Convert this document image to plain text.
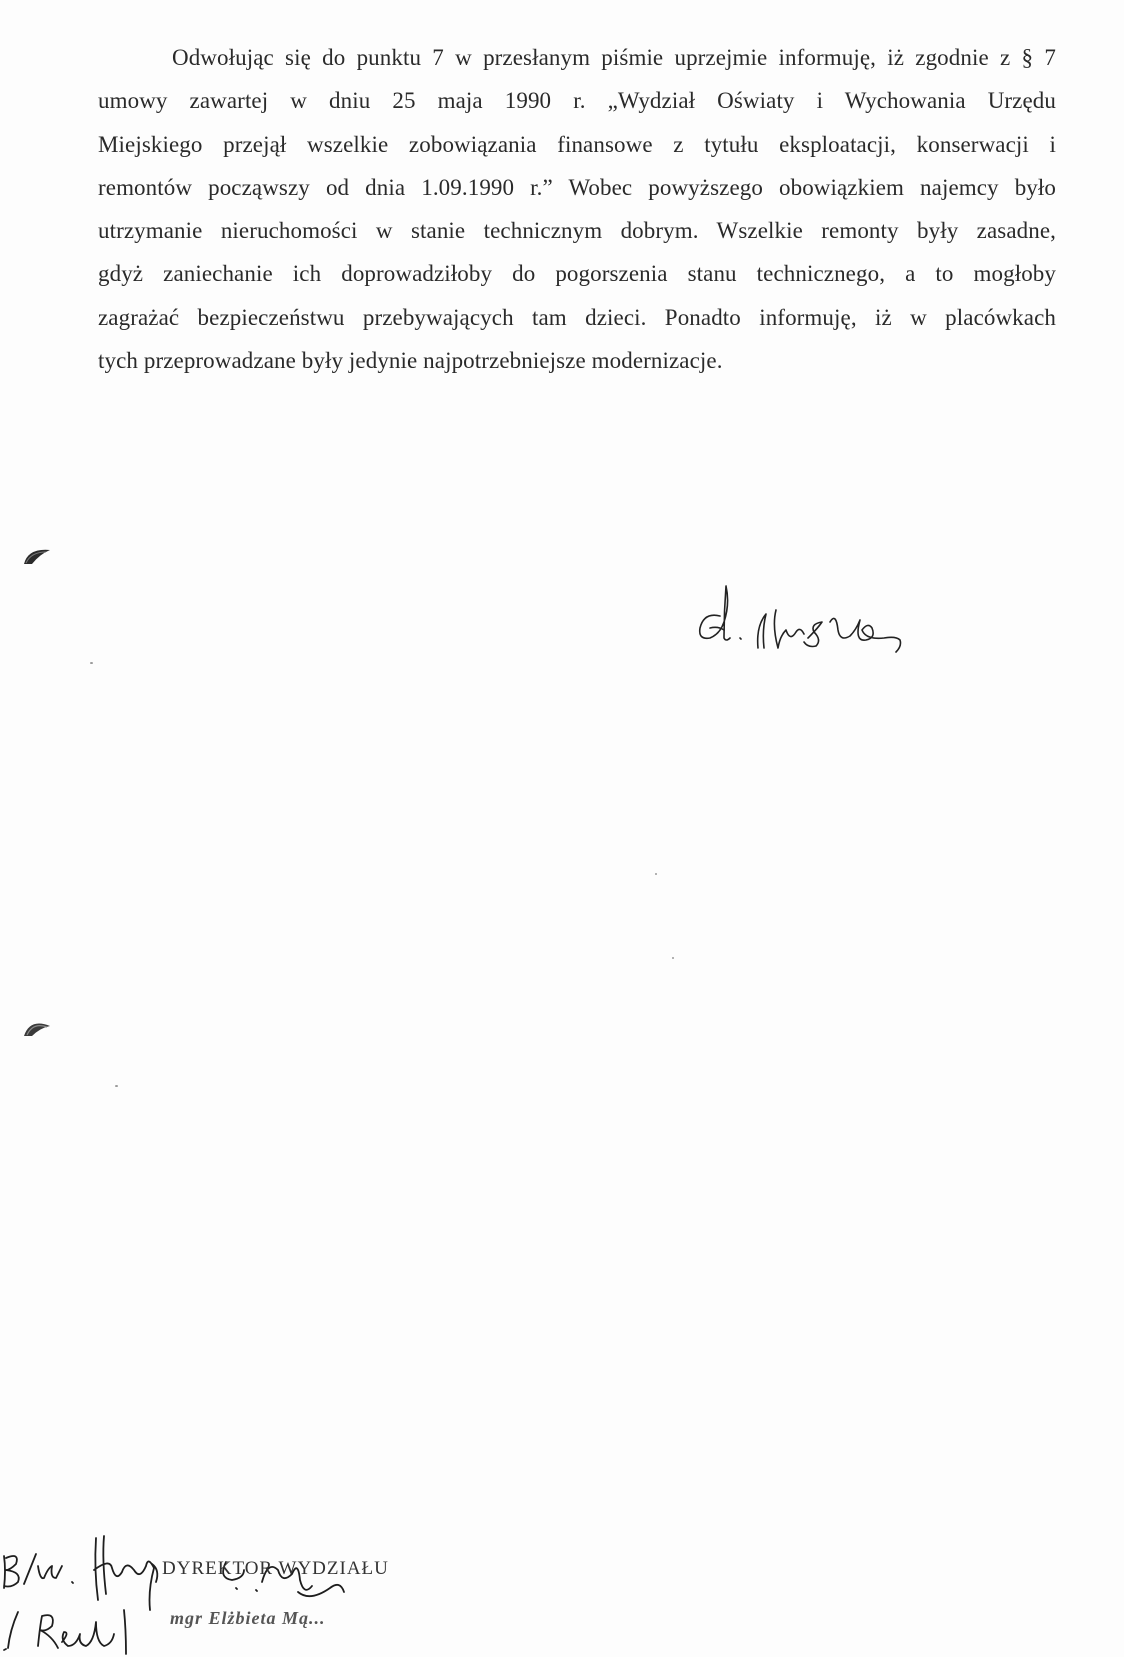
Odwołując się do punktu 7 w przesłanym piśmie uprzejmie informuję, iż zgodnie z § 7
umowy zawartej w dniu 25 maja 1990 r. „Wydział Oświaty i Wychowania Urzędu
Miejskiego przejął wszelkie zobowiązania finansowe z tytułu eksploatacji, konserwacji i
remontów począwszy od dnia 1.09.1990 r.” Wobec powyższego obowiązkiem najemcy było
utrzymanie nieruchomości w stanie technicznym dobrym. Wszelkie remonty były zasadne,
gdyż zaniechanie ich doprowadziłoby do pogorszenia stanu technicznego, a to mogłoby
zagrażać bezpieczeństwu przebywających tam dzieci. Ponadto informuję, iż w placówkach
tych przeprowadzane były jedynie najpotrzebniejsze modernizacje.
DYREKTOR WYDZIAŁU
mgr Elżbieta Mą...
